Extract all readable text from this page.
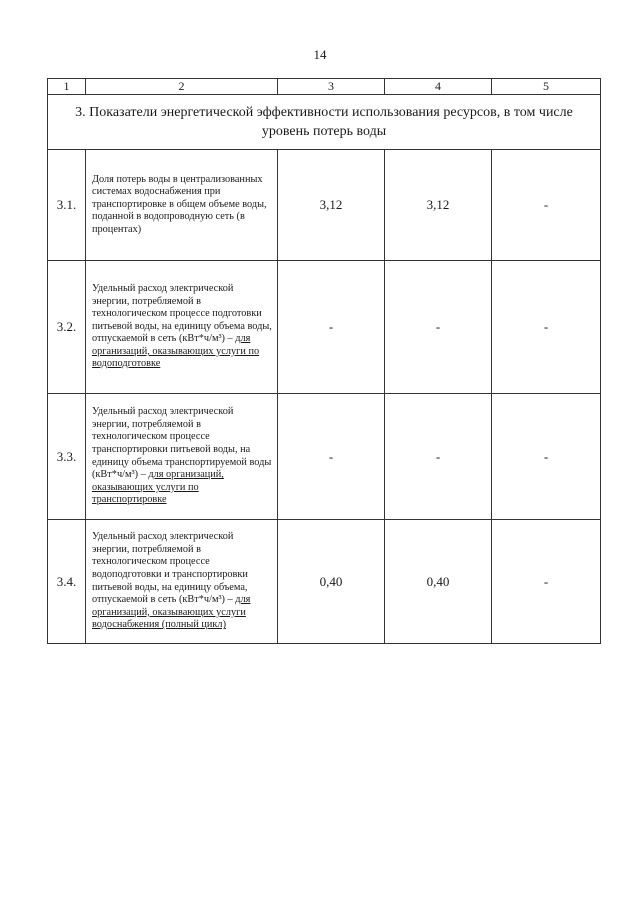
14
1	2	3	4	5
3. Показатели энергетической эффективности использования ресурсов, в том числе уровень потерь воды				
3.1.	Доля потерь воды в централизованных системах водоснабжения при транспортировке в общем объеме воды, поданной в водопроводную сеть (в процентах)	3,12	3,12	-
3.2.	Удельный расход электрической энергии, потребляемой в технологическом процессе подготовки питьевой воды, на единицу объема воды, отпускаемой в сеть (кВт*ч/м³) – для организаций, оказывающих услуги по водоподготовке	-	-	-
3.3.	Удельный расход электрической энергии, потребляемой в технологическом процессе транспортировки питьевой воды, на единицу объема транспортируемой воды (кВт*ч/м³) – для организаций, оказывающих услуги по транспортировке	-	-	-
3.4.	Удельный расход электрической энергии, потребляемой в технологическом процессе водоподготовки и транспортировки питьевой воды, на единицу объема, отпускаемой в сеть (кВт*ч/м³) – для организаций, оказывающих услуги водоснабжения (полный цикл)	0,40	0,40	-
